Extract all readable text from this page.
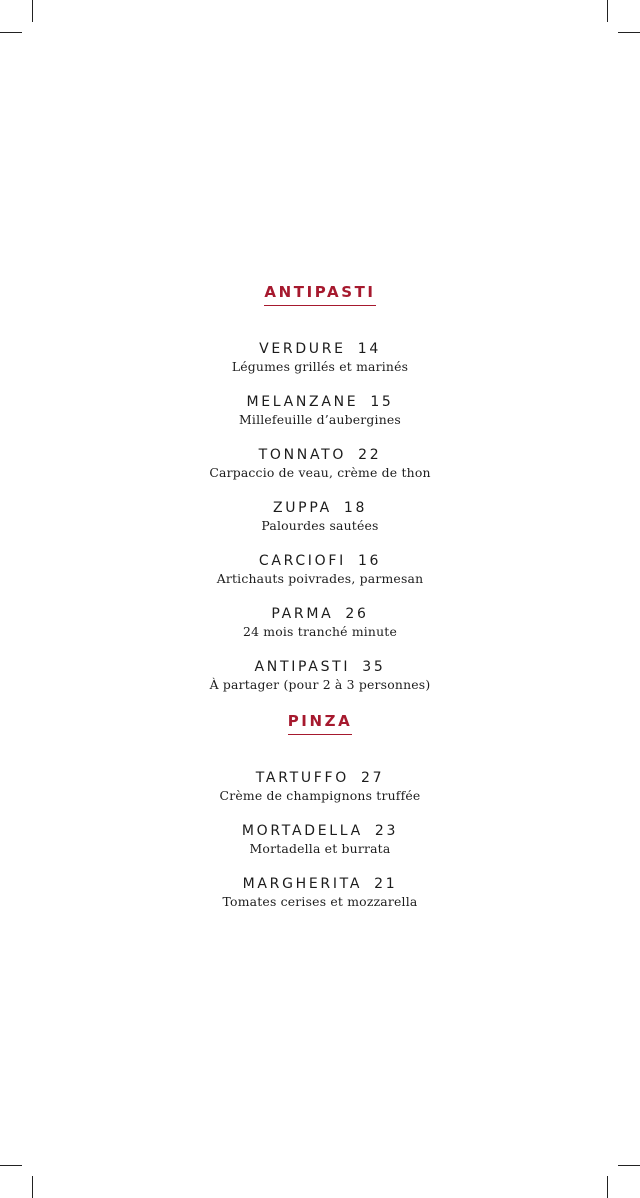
ANTIPASTI
VERDURE 14
Légumes grillés et marinés
MELANZANE 15
Millefeuille d’aubergines
TONNATO 22
Carpaccio de veau, crème de thon
ZUPPA 18
Palourdes sautées
CARCIOFI 16
Artichauts poivrades, parmesan
PARMA 26
24 mois tranché minute
ANTIPASTI 35
À partager (pour 2 à 3 personnes)
PINZA
TARTUFFO 27
Crème de champignons truffée
MORTADELLA 23
Mortadella et burrata
MARGHERITA 21
Tomates cerises et mozzarella
